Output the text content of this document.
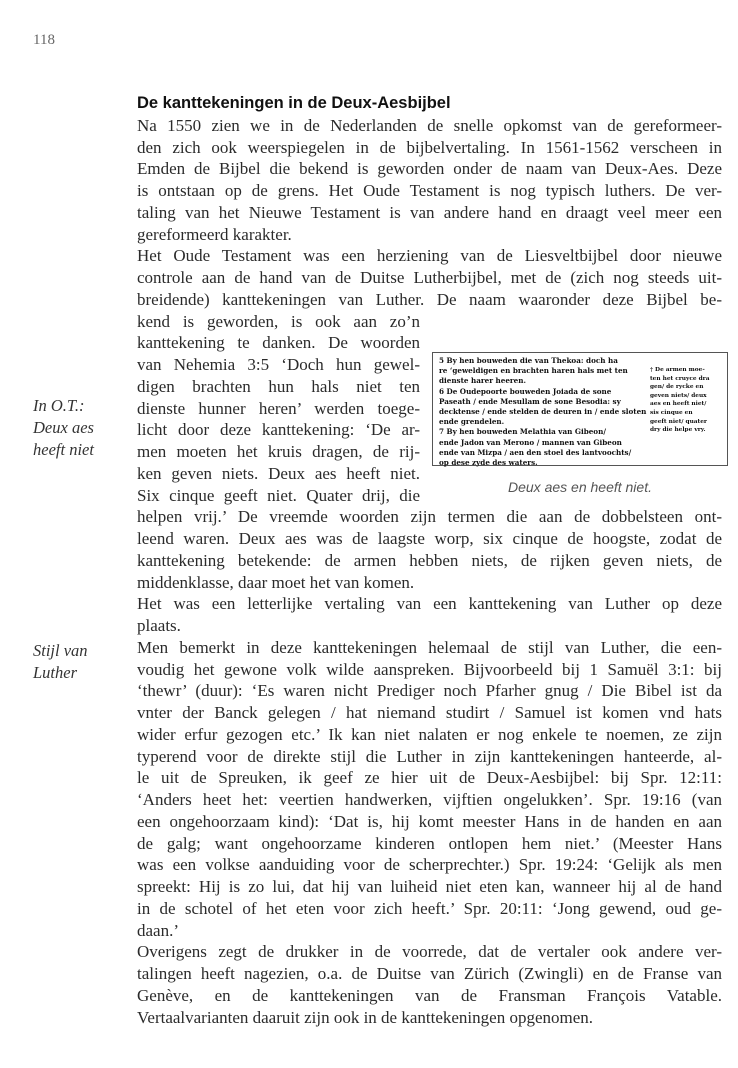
118
De kanttekeningen in de Deux-Aesbijbel
Na 1550 zien we in de Nederlanden de snelle opkomst van de gereformeer-
den zich ook weerspiegelen in de bijbelvertaling. In 1561-1562 verscheen in
Emden de Bijbel die bekend is geworden onder de naam van Deux-Aes. Deze
is ontstaan op de grens. Het Oude Testament is nog typisch luthers. De ver-
taling van het Nieuwe Testament is van andere hand en draagt veel meer een
gereformeerd karakter.
Het Oude Testament was een herziening van de Liesveltbijbel door nieuwe
controle aan de hand van de Duitse Lutherbijbel, met de (zich nog steeds uit-
breidende) kanttekeningen van Luther. De naam waaronder deze Bijbel be-
kend is geworden, is ook aan zo’n
kanttekening te danken. De woorden
van Nehemia 3:5 ‘Doch hun gewel-
digen brachten hun hals niet ten
dienste hunner heren’ werden toege-
licht door deze kanttekening: ‘De ar-
men moeten het kruis dragen, de rij-
ken geven niets. Deux aes heeft niet.
Six cinque geeft niet. Quater drij, die
helpen vrij.’ De vreemde woorden zijn termen die aan de dobbelsteen ont-
leend waren. Deux aes was de laagste worp, six cinque de hoogste, zodat de
kanttekening betekende: de armen hebben niets, de rijken geven niets, de
middenklasse, daar moet het van komen.
Het was een letterlijke vertaling van een kanttekening van Luther op deze
plaats.
Men bemerkt in deze kanttekeningen helemaal de stijl van Luther, die een-
voudig het gewone volk wilde aanspreken. Bijvoorbeeld bij 1 Samuël 3:1: bij
‘thewr’ (duur): ‘Es waren nicht Prediger noch Pfarher gnug / Die Bibel ist da
vnter der Banck gelegen / hat niemand studirt / Samuel ist komen vnd hats
wider erfur gezogen etc.’ Ik kan niet nalaten er nog enkele te noemen, ze zijn
typerend voor de direkte stijl die Luther in zijn kanttekeningen hanteerde, al-
le uit de Spreuken, ik geef ze hier uit de Deux-Aesbijbel: bij Spr. 12:11:
‘Anders heet het: veertien handwerken, vijftien ongelukken’. Spr. 19:16 (van
een ongehoorzaam kind): ‘Dat is, hij komt meester Hans in de handen en aan
de galg; want ongehoorzame kinderen ontlopen hem niet.’ (Meester Hans
was een volkse aanduiding voor de scherprechter.) Spr. 19:24: ‘Gelijk als men
spreekt: Hij is zo lui, dat hij van luiheid niet eten kan, wanneer hij al de hand
in de schotel of het eten voor zich heeft.’ Spr. 20:11: ‘Jong gewend, oud ge-
daan.’
Overigens zegt de drukker in de voorrede, dat de vertaler ook andere ver-
talingen heeft nagezien, o.a. de Duitse van Zürich (Zwingli) en de Franse van
Genève, en de kanttekeningen van de Fransman François Vatable.
Vertaalvarianten daaruit zijn ook in de kanttekeningen opgenomen.
In O.T.:
Deux aes
heeft niet
Stijl van
Luther
5 By hen bouweden die van Thekoa: doch ha
re ‘geweldigen en brachten haren hals met ten
dienste harer heeren.
6 De Oudepoorte bouweden Joiada de sone
Paseath / ende Mesullam de sone Besodia: sy
decktense / ende stelden de deuren in / ende sloten
ende grendelen.
7 By hen bouweden Melathia van Gibeon/
ende Jadon van Merono / mannen van Gibeon
ende van Mizpa / aen den stoel des lantvoochts/
op dese zyde des waters.
† De armen moe-
ten het cruyce dra
gen/ de rycke en
geven niets/ deux
aes en heeft niet/
sis cinque en
geeft niet/ quater
dry die helpe vry.
Deux aes en heeft niet.
